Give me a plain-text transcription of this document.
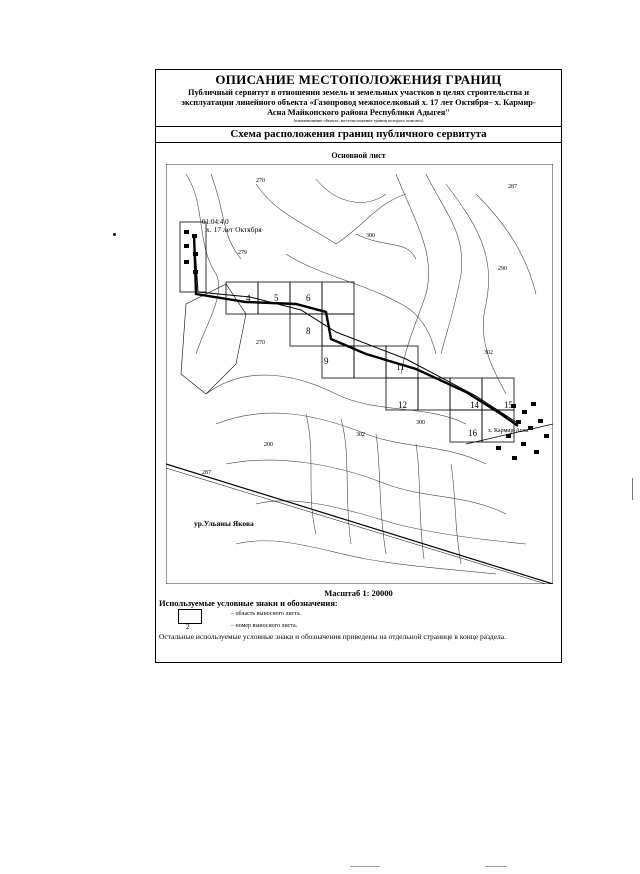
ОПИСАНИЕ МЕСТОПОЛОЖЕНИЯ ГРАНИЦ
Публичный сервитут в отношении земель и земельных участков в целях строительства и
эксплуатации линейного объекта «Газопровод межпоселковый х. 17 лет Октября– х. Кармир-
Асна Майкопского района Республики Адыгея"
(наименование объекта, местоположение границ которого описано)
Схема расположения границ публичного сервитута
Основной лист
01:04:4 0
х. 17 лет Октября
х. Кармир-Асна
ур.Ульяны Якова
4	5	6
8
9
11
12	14	15
16
270
287
300
290
302
270
200
302
300
287
279
Масштаб 1: 20000
Используемые условные знаки и обозначения:
– область выносного листа.
2	– номер выносного листа.
Остальные используемые условные знаки и обозначения приведены на отдельной странице в конце раздела.
